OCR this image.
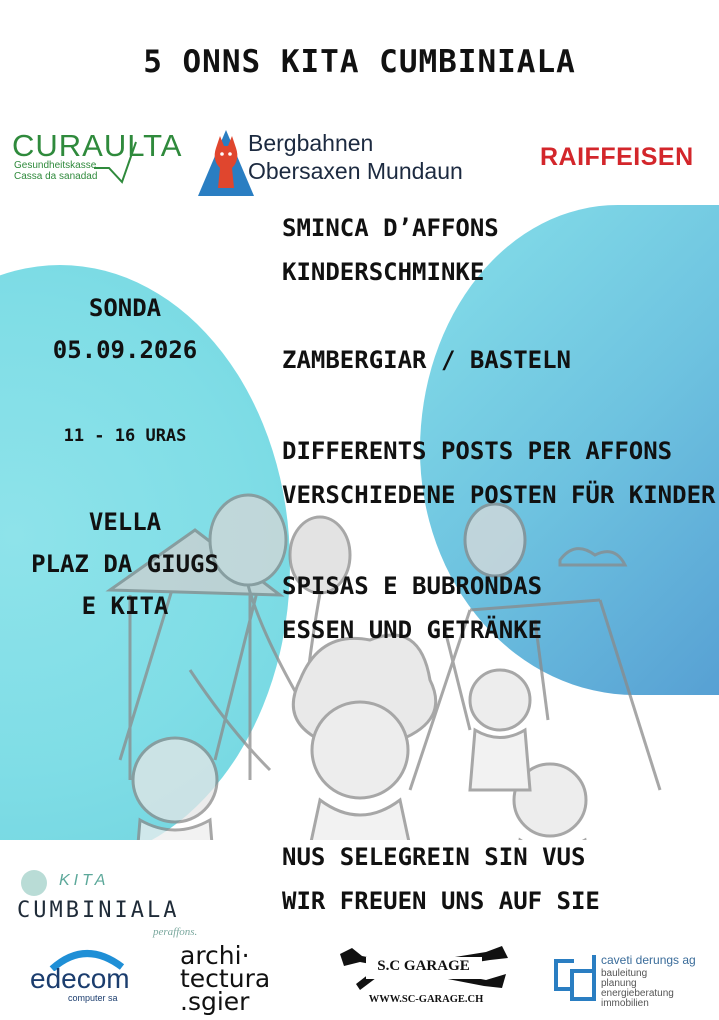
5 ONNS KITA CUMBINIALA
CURAULTA
Gesundheitskasse
Cassa da sanadad
Bergbahnen
Obersaxen Mundaun	RAIFFEISEN
SONDA
05.09.2026
11 - 16 URAS
VELLA
PLAZ DA GIUGS
E KITA
SMINCA D’AFFONS
KINDERSCHMINKE
ZAMBERGIAR / BASTELN
DIFFERENTS POSTS PER AFFONS
VERSCHIEDENE POSTEN FÜR KINDER
SPISAS E BUBRONDAS
ESSEN UND GETRÄNKE
NUS SELEGREIN SIN VUS
WIR FREUEN UNS AUF SIE
KITA
CUMBINIALA
peraffons.
edecom
computer sa
archi·
tectura
.sgier
S.C GARAGE
WWW.SC-GARAGE.CH
caveti derungs ag
bauleitung
planung
energieberatung
immobilien
